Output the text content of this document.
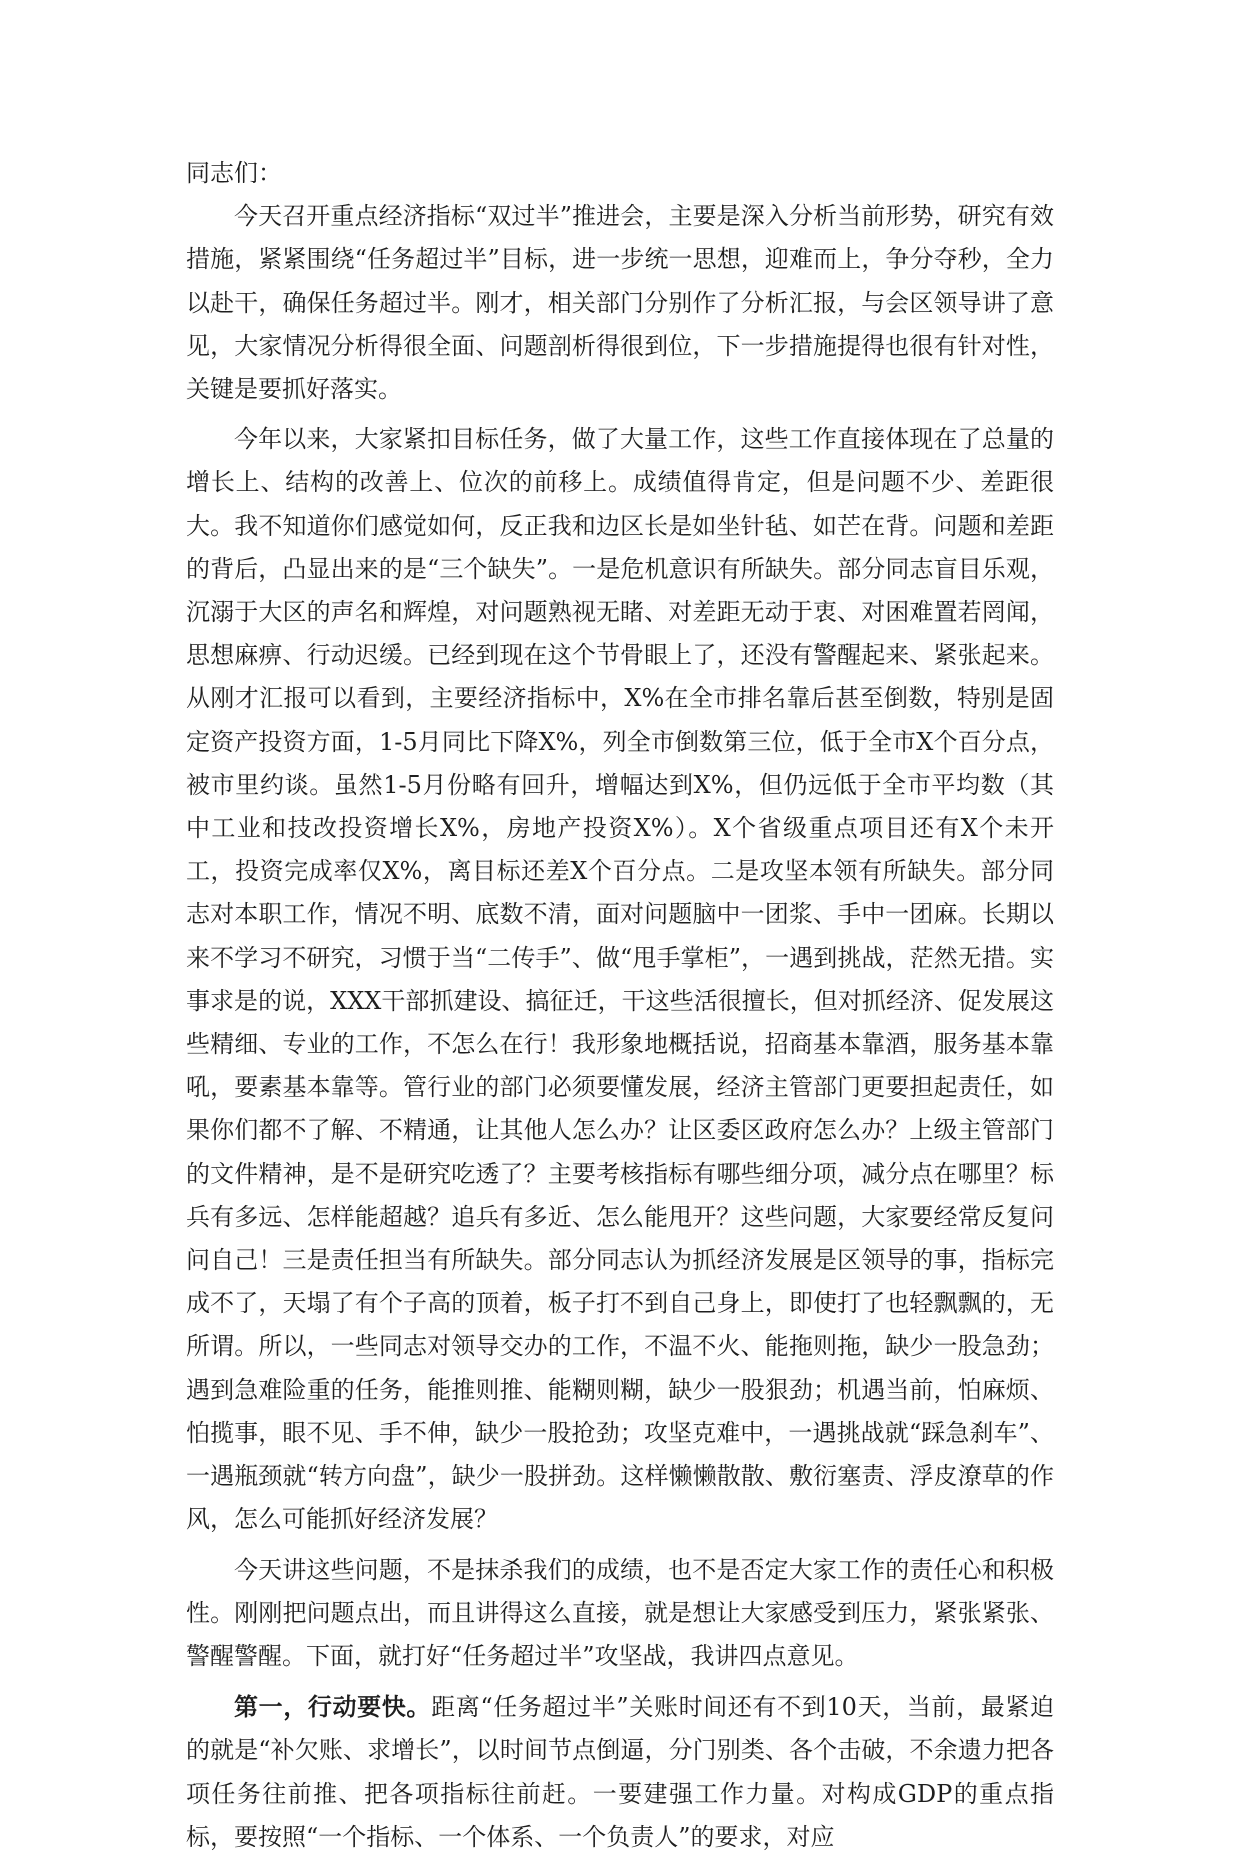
同志们：

今天召开重点经济指标“双过半”推进会，主要是深入分析当前形势，研究有效措施，紧紧围绕“任务超过半”目标，进一步统一思想，迎难而上，争分夺秒，全力以赴干，确保任务超过半。刚才，相关部门分别作了分析汇报，与会区领导讲了意见，大家情况分析得很全面、问题剖析得很到位，下一步措施提得也很有针对性，关键是要抓好落实。

今年以来，大家紧扣目标任务，做了大量工作，这些工作直接体现在了总量的增长上、结构的改善上、位次的前移上。成绩值得肯定，但是问题不少、差距很大。我不知道你们感觉如何，反正我和边区长是如坐针毡、如芒在背。问题和差距的背后，凸显出来的是“三个缺失”。一是危机意识有所缺失。部分同志盲目乐观，沉溺于大区的声名和辉煌，对问题熟视无睹、对差距无动于衷、对困难置若罔闻，思想麻痹、行动迟缓。已经到现在这个节骨眼上了，还没有警醒起来、紧张起来。从刚才汇报可以看到，主要经济指标中，X%在全市排名靠后甚至倒数，特别是固定资产投资方面，1-5月同比下降X%，列全市倒数第三位，低于全市X个百分点，被市里约谈。虽然1-5月份略有回升，增幅达到X%，但仍远低于全市平均数（其中工业和技改投资增长X%，房地产投资X%）。X个省级重点项目还有X个未开工，投资完成率仅X%，离目标还差X个百分点。二是攻坚本领有所缺失。部分同志对本职工作，情况不明、底数不清，面对问题脑中一团浆、手中一团麻。长期以来不学习不研究，习惯于当“二传手”、做“甩手掌柜”，一遇到挑战，茫然无措。实事求是的说，XXX干部抓建设、搞征迁，干这些活很擅长，但对抓经济、促发展这些精细、专业的工作，不怎么在行！我形象地概括说，招商基本靠酒，服务基本靠吼，要素基本靠等。管行业的部门必须要懂发展，经济主管部门更要担起责任，如果你们都不了解、不精通，让其他人怎么办？让区委区政府怎么办？上级主管部门的文件精神，是不是研究吃透了？主要考核指标有哪些细分项，减分点在哪里？标兵有多远、怎样能超越？追兵有多近、怎么能甩开？这些问题，大家要经常反复问问自己！三是责任担当有所缺失。部分同志认为抓经济发展是区领导的事，指标完成不了，天塌了有个子高的顶着，板子打不到自己身上，即使打了也轻飘飘的，无所谓。所以，一些同志对领导交办的工作，不温不火、能拖则拖，缺少一股急劲；遇到急难险重的任务，能推则推、能糊则糊，缺少一股狠劲；机遇当前，怕麻烦、怕揽事，眼不见、手不伸，缺少一股抢劲；攻坚克难中，一遇挑战就“踩急刹车”、一遇瓶颈就“转方向盘”，缺少一股拼劲。这样懒懒散散、敷衍塞责、浮皮潦草的作风，怎么可能抓好经济发展？

今天讲这些问题，不是抹杀我们的成绩，也不是否定大家工作的责任心和积极性。刚刚把问题点出，而且讲得这么直接，就是想让大家感受到压力，紧张紧张、警醒警醒。下面，就打好“任务超过半”攻坚战，我讲四点意见。

第一，行动要快。距离“任务超过半”关账时间还有不到10天，当前，最紧迫的就是“补欠账、求增长”，以时间节点倒逼，分门别类、各个击破，不余遗力把各项任务往前推、把各项指标往前赶。一要建强工作力量。对构成GDP的重点指标，要按照“一个指标、一个体系、一个负责人”的要求，对应
